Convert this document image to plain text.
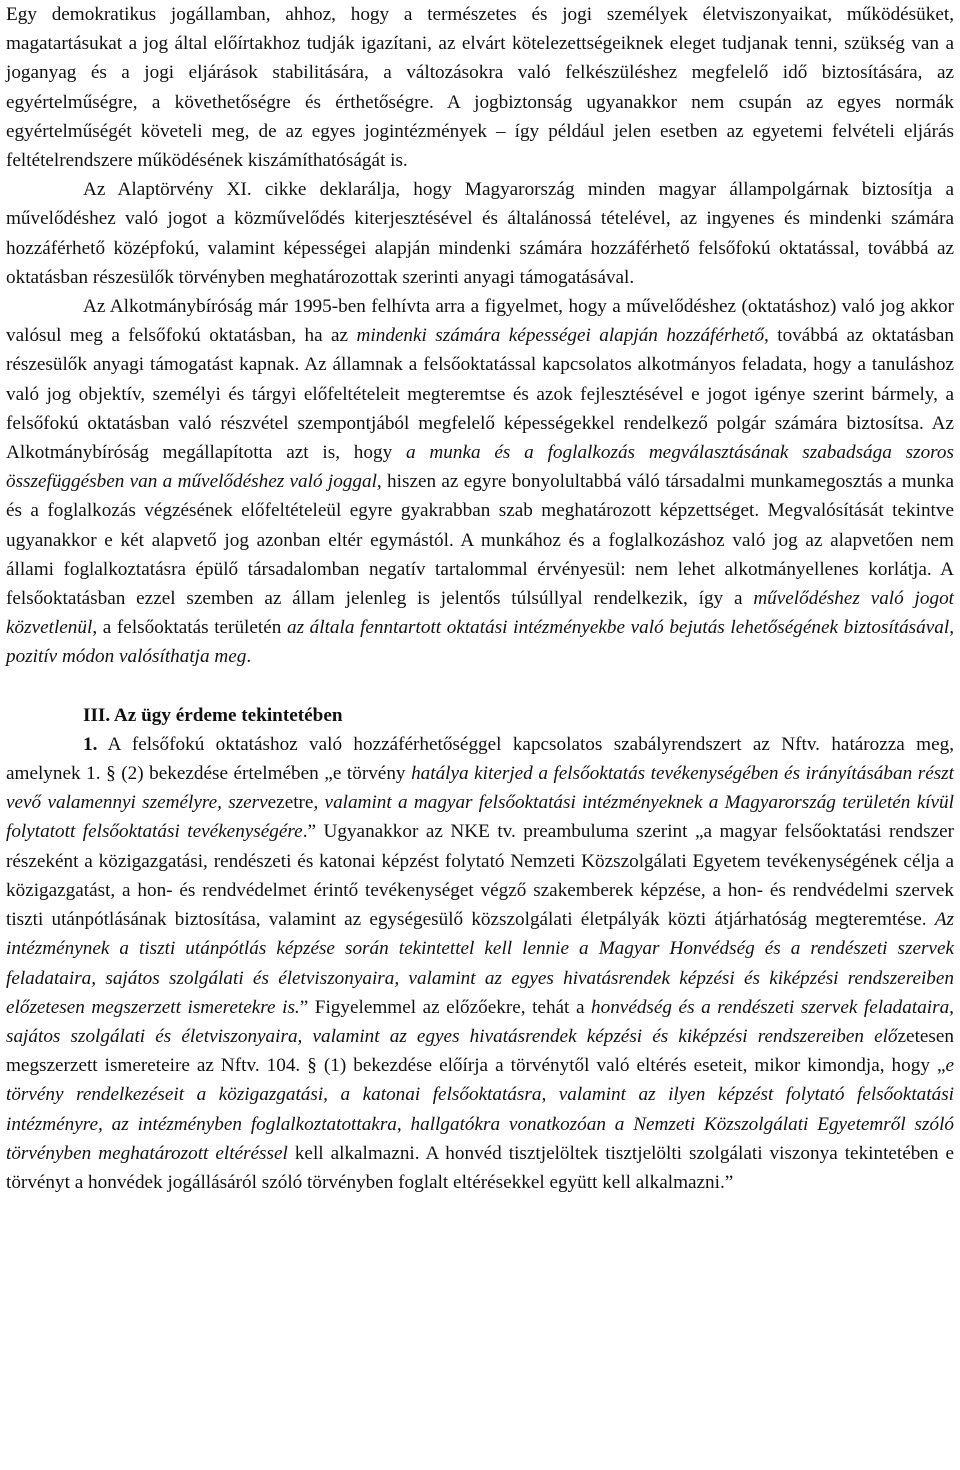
Egy demokratikus jogállamban, ahhoz, hogy a természetes és jogi személyek életviszonyaikat, működésüket, magatartásukat a jog által előírtakhoz tudják igazítani, az elvárt kötelezettségeiknek eleget tudjanak tenni, szükség van a joganyag és a jogi eljárások stabilitására, a változásokra való felkészüléshez megfelelő idő biztosítására, az egyértelműségre, a követhetőségre és érthetőségre. A jogbiztonság ugyanakkor nem csupán az egyes normák egyértelműségét követeli meg, de az egyes jogintézmények – így például jelen esetben az egyetemi felvételi eljárás feltételrendszere működésének kiszámíthatóságát is.

Az Alaptörvény XI. cikke deklarálja, hogy Magyarország minden magyar állampolgárnak biztosítja a művelődéshez való jogot a közművelődés kiterjesztésével és általánossá tételével, az ingyenes és mindenki számára hozzáférhető középfokú, valamint képességei alapján mindenki számára hozzáférhető felsőfokú oktatással, továbbá az oktatásban részesülők törvényben meghatározottak szerinti anyagi támogatásával.

Az Alkotmánybíróság már 1995-ben felhívta arra a figyelmet, hogy a művelődéshez (oktatáshoz) való jog akkor valósul meg a felsőfokú oktatásban, ha az mindenki számára képességei alapján hozzáférhető, továbbá az oktatásban részesülők anyagi támogatást kapnak. Az államnak a felsőoktatással kapcsolatos alkotmányos feladata, hogy a tanuláshoz való jog objektív, személyi és tárgyi előfeltételeit megteremtse és azok fejlesztésével e jogot igénye szerint bármely, a felsőfokú oktatásban való részvétel szempontjából megfelelő képességekkel rendelkező polgár számára biztosítsa. Az Alkotmánybíróság megállapította azt is, hogy a munka és a foglalkozás megválasztásának szabadsága szoros összefüggésben van a művelődéshez való joggal, hiszen az egyre bonyolultabbá váló társadalmi munkamegosztás a munka és a foglalkozás végzésének előfeltételeül egyre gyakrabban szab meghatározott képzettséget. Megvalósítását tekintve ugyanakkor e két alapvető jog azonban eltér egymástól. A munkához és a foglalkozáshoz való jog az alapvetően nem állami foglalkoztatásra épülő társadalomban negatív tartalommal érvényesül: nem lehet alkotmányellenes korlátja. A felsőoktatásban ezzel szemben az állam jelenleg is jelentős túlsúllyal rendelkezik, így a művelődéshez való jogot közvetlenül, a felsőoktatás területén az általa fenntartott oktatási intézményekbe való bejutás lehetőségének biztosításával, pozitív módon valósíthatja meg.

III. Az ügy érdeme tekintetében

1. A felsőfokú oktatáshoz való hozzáférhetőséggel kapcsolatos szabályrendszert az Nftv. határozza meg, amelynek 1. § (2) bekezdése értelmében „e törvény hatálya kiterjed a felsőoktatás tevékenységében és irányításában részt vevő valamennyi személyre, szervezetre, valamint a magyar felsőoktatási intézményeknek a Magyarország területén kívül folytatott felsőoktatási tevékenységére.” Ugyanakkor az NKE tv. preambuluma szerint „a magyar felsőoktatási rendszer részeként a közigazgatási, rendészeti és katonai képzést folytató Nemzeti Közszolgálati Egyetem tevékenységének célja a közigazgatást, a hon- és rendvédelmet érintő tevékenységet végző szakemberek képzése, a hon- és rendvédelmi szervek tiszti utánpótlásának biztosítása, valamint az egységesülő közszolgálati életpályák közti átjárhatóság megteremtése. Az intézménynek a tiszti utánpótlás képzése során tekintettel kell lennie a Magyar Honvédség és a rendészeti szervek feladataira, sajátos szolgálati és életviszonyaira, valamint az egyes hivatásrendek képzési és kiképzési rendszereiben előzetesen megszerzett ismeretekre is.” Figyelemmel az előzőekre, tehát a honvédség és a rendészeti szervek feladataira, sajátos szolgálati és életviszonyaira, valamint az egyes hivatásrendek képzési és kiképzési rendszereiben előzetesen megszerzett ismereteire az Nftv. 104. § (1) bekezdése előírja a törvénytől való eltérés eseteit, mikor kimondja, hogy „e törvény rendelkezéseit a közigazgatási, a katonai felsőoktatásra, valamint az ilyen képzést folytató felsőoktatási intézményre, az intézményben foglalkoztatottakra, hallgatókra vonatkozóan a Nemzeti Közszolgálati Egyetemről szóló törvényben meghatározott eltéréssel kell alkalmazni. A honvéd tisztjelöltek tisztjelölti szolgálati viszonya tekintetében e törvényt a honvédek jogállásáról szóló törvényben foglalt eltérésekkel együtt kell alkalmazni.”
